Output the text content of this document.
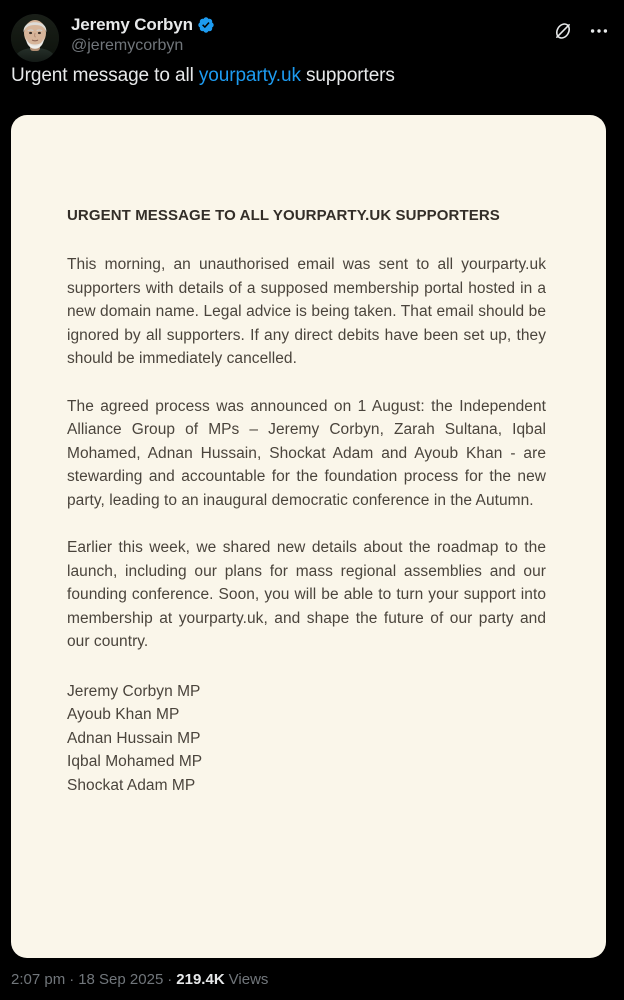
Jeremy Corbyn
@jeremycorbyn
Urgent message to all yourparty.uk supporters
URGENT MESSAGE TO ALL YOURPARTY.UK SUPPORTERS

This morning, an unauthorised email was sent to all yourparty.uk supporters with details of a supposed membership portal hosted in a new domain name. Legal advice is being taken. That email should be ignored by all supporters. If any direct debits have been set up, they should be immediately cancelled.

The agreed process was announced on 1 August: the Independent Alliance Group of MPs – Jeremy Corbyn, Zarah Sultana, Iqbal Mohamed, Adnan Hussain, Shockat Adam and Ayoub Khan - are stewarding and accountable for the foundation process for the new party, leading to an inaugural democratic conference in the Autumn.

Earlier this week, we shared new details about the roadmap to the launch, including our plans for mass regional assemblies and our founding conference. Soon, you will be able to turn your support into membership at yourparty.uk, and shape the future of our party and our country.

Jeremy Corbyn MP
Ayoub Khan MP
Adnan Hussain MP
Iqbal Mohamed MP
Shockat Adam MP
2:07 pm · 18 Sep 2025 · 219.4K Views
